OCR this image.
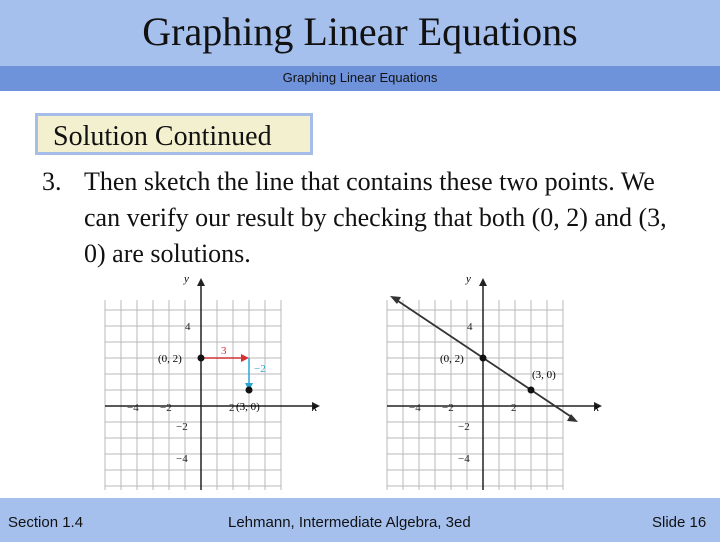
Graphing Linear Equations
Graphing Linear Equations
Solution Continued
3. Then sketch the line that contains these two points. We can verify our result by checking that both (0, 2) and (3, 0) are solutions.
y
x
−4 −2	2
4
−2
−4
3
−2
(0, 2)
(3, 0)
y
x
−4 −2	2
4
−2
−4
(0, 2)
(3, 0)
Section 1.4	Lehmann, Intermediate Algebra, 3ed	Slide 16
